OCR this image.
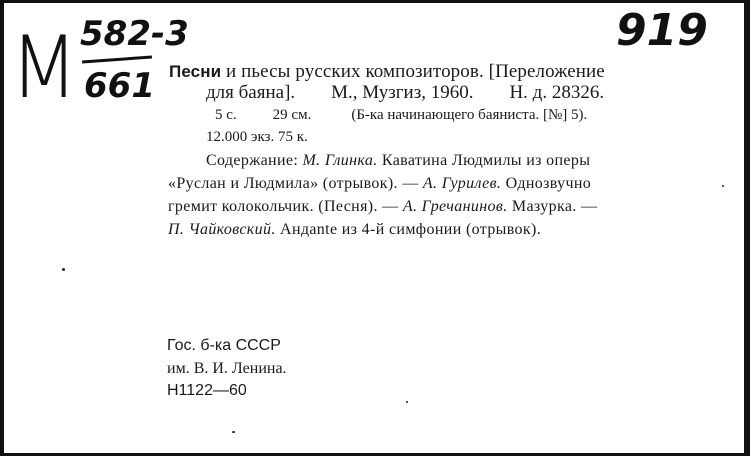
М 582-3
661
919
Песни и пьесы русских композиторов. [Переложение
для баяна]. М., Музгиз, 1960. Н. д. 28326.
5 с. 29 см.	(Б-ка начинающего баяниста. [№] 5).
12.000 экз. 75 к.
Содержание: М. Глинка. Каватина Людмилы из оперы
«Руслан и Людмила» (отрывок). — А. Гурилев. Однозвучно
гремит колокольчик. (Песня). — А. Гречанинов. Мазурка. —
П. Чайковский. Андante из 4-й симфонии (отрывок).
Гос. б-ка СССР
им. В. И. Ленина.
Н1122—60
